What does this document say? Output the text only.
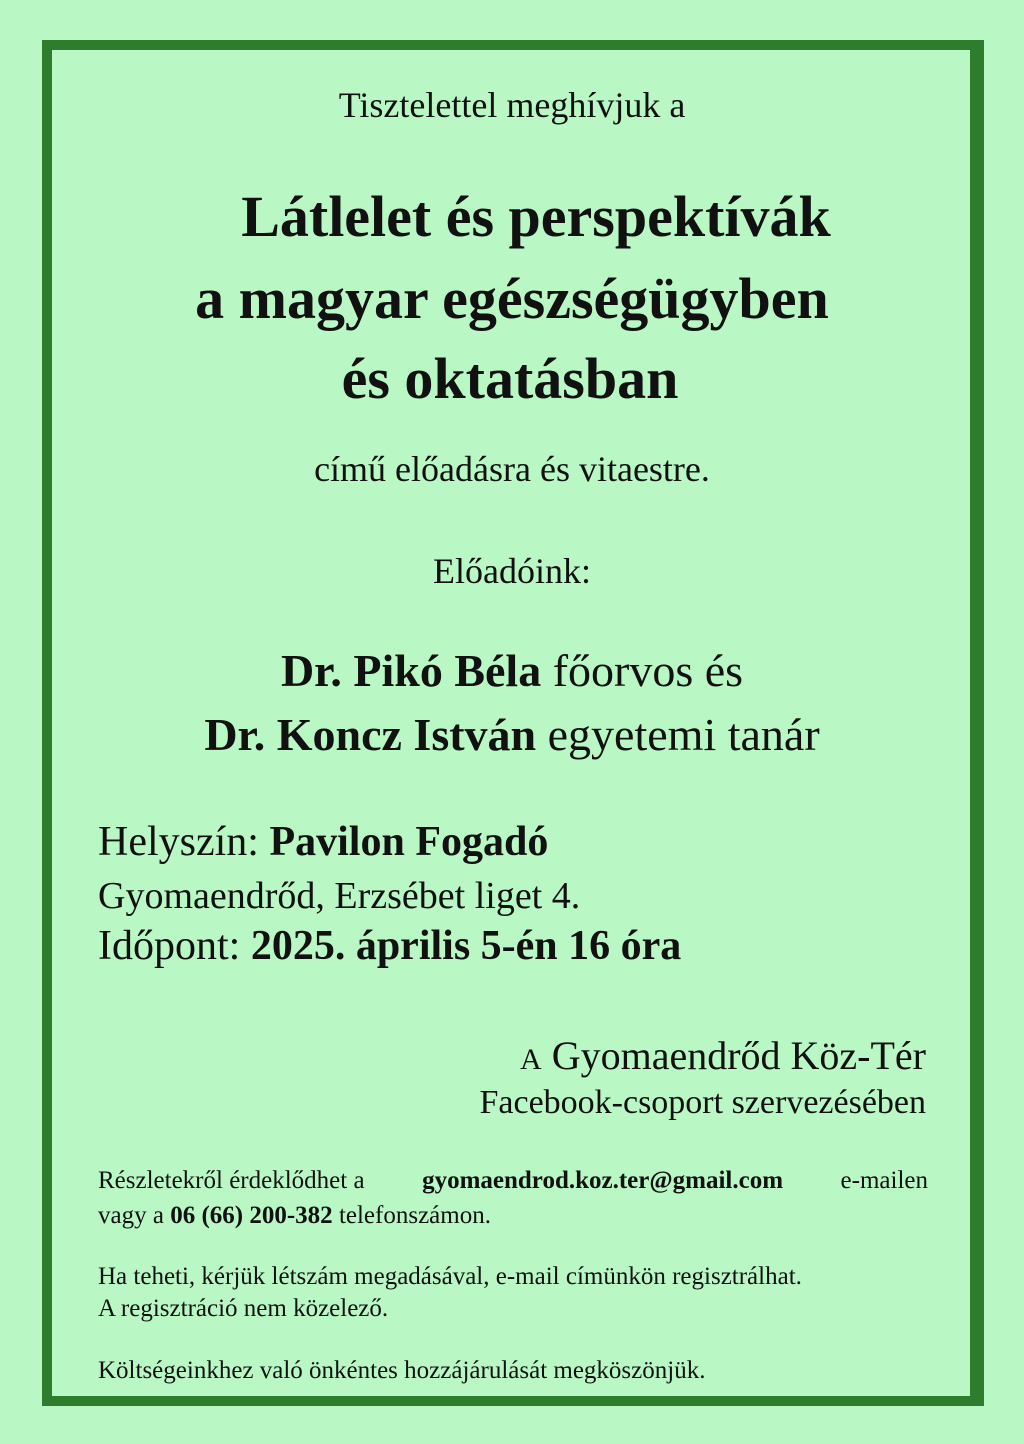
Tisztelettel meghívjuk a
Látlelet és perspektívák
a magyar egészségügyben
és oktatásban
című előadásra és vitaestre.
Előadóink:
Dr. Pikó Béla főorvos és
Dr. Koncz István egyetemi tanár
Helyszín: Pavilon Fogadó
Gyomaendrőd, Erzsébet liget 4.
Időpont: 2025. április 5-én 16 óra
A Gyomaendrőd Köz-Tér
Facebook-csoport szervezésében
Részletekről érdeklődhet a gyomaendrod.koz.ter@gmail.com e-mailen
vagy a 06 (66) 200-382 telefonszámon.
Ha teheti, kérjük létszám megadásával, e-mail címünkön regisztrálhat.
A regisztráció nem közelező.
Költségeinkhez való önkéntes hozzájárulását megköszönjük.
